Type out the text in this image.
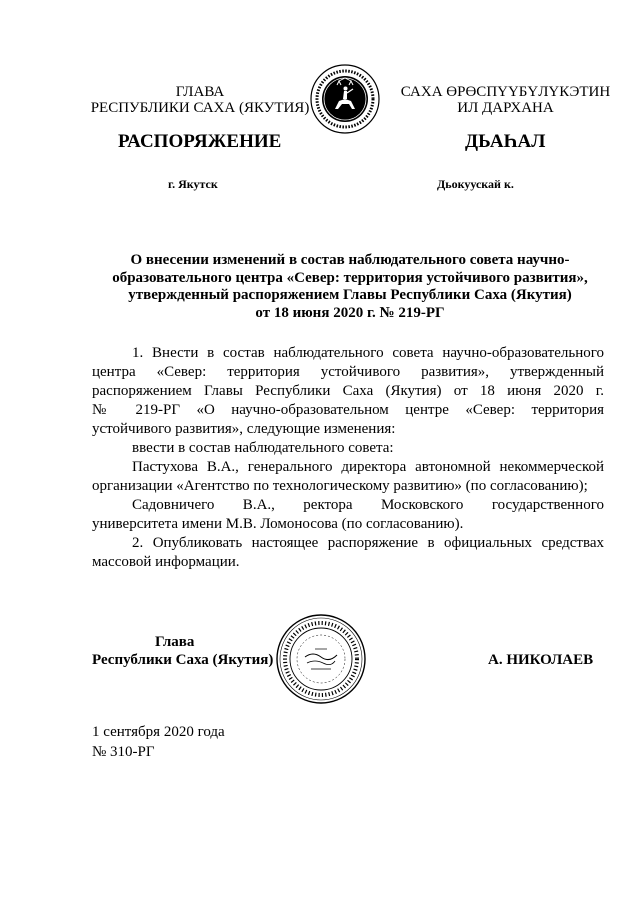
ГЛАВА
РЕСПУБЛИКИ САХА (ЯКУТИЯ)
САХА ӨРӨСПҮҮБҮЛҮКЭТИН
ИЛ ДАРХАНА
РАСПОРЯЖЕНИЕ	ДЬАҺАЛ
г. Якутск	Дьокуускай к.
О внесении изменений в состав наблюдательного совета научно-
образовательного центра «Север: территория устойчивого развития»,
утвержденный распоряжением Главы Республики Саха (Якутия)
от 18 июня 2020 г. № 219-РГ

1. Внести в состав наблюдательного совета научно-образовательного

центра «Север: территория устойчивого развития», утвержденный

распоряжением Главы Республики Саха (Якутия) от 18 июня 2020 г.

№ 219-РГ «О научно-образовательном центре «Север: территория

устойчивого развития», следующие изменения:

ввести в состав наблюдательного совета:

Пастухова В.А., генерального директора автономной некоммерческой

организации «Агентство по технологическому развитию» (по согласованию);

Садовничего В.А., ректора Московского государственного

университета имени М.В. Ломоносова (по согласованию).

2. Опубликовать настоящее распоряжение в официальных средствах

массовой информации.

Глава
Республики Саха (Якутия)	А. НИКОЛАЕВ
1 сентября 2020 года
№ 310-РГ
